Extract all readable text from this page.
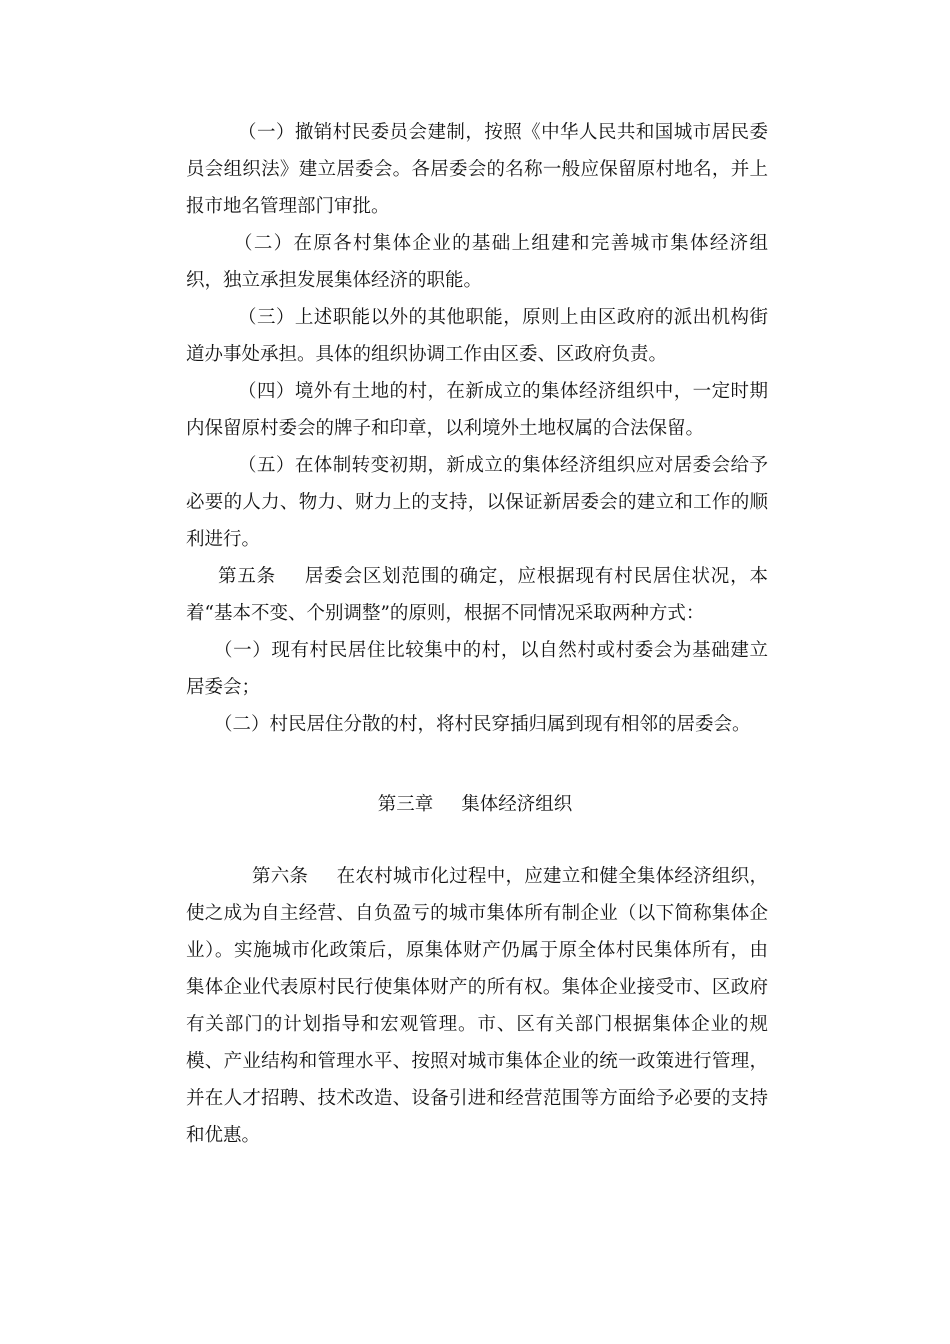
（一）撤销村民委员会建制，按照《中华人民共和国城市居民委员会组织法》建立居委会。各居委会的名称一般应保留原村地名，并上报市地名管理部门审批。

（二）在原各村集体企业的基础上组建和完善城市集体经济组织，独立承担发展集体经济的职能。

（三）上述职能以外的其他职能，原则上由区政府的派出机构街道办事处承担。具体的组织协调工作由区委、区政府负责。

（四）境外有土地的村，在新成立的集体经济组织中，一定时期内保留原村委会的牌子和印章，以利境外土地权属的合法保留。

（五）在体制转变初期，新成立的集体经济组织应对居委会给予必要的人力、物力、财力上的支持，以保证新居委会的建立和工作的顺利进行。

第五条 居委会区划范围的确定，应根据现有村民居住状况，本着“基本不变、个别调整”的原则，根据不同情况采取两种方式：

（一）现有村民居住比较集中的村，以自然村或村委会为基础建立居委会；

（二）村民居住分散的村，将村民穿插归属到现有相邻的居委会。

第三章 集体经济组织

第六条 在农村城市化过程中，应建立和健全集体经济组织，使之成为自主经营、自负盈亏的城市集体所有制企业（以下简称集体企业）。实施城市化政策后，原集体财产仍属于原全体村民集体所有，由集体企业代表原村民行使集体财产的所有权。集体企业接受市、区政府有关部门的计划指导和宏观管理。市、区有关部门根据集体企业的规模、产业结构和管理水平、按照对城市集体企业的统一政策进行管理，并在人才招聘、技术改造、设备引进和经营范围等方面给予必要的支持和优惠。
